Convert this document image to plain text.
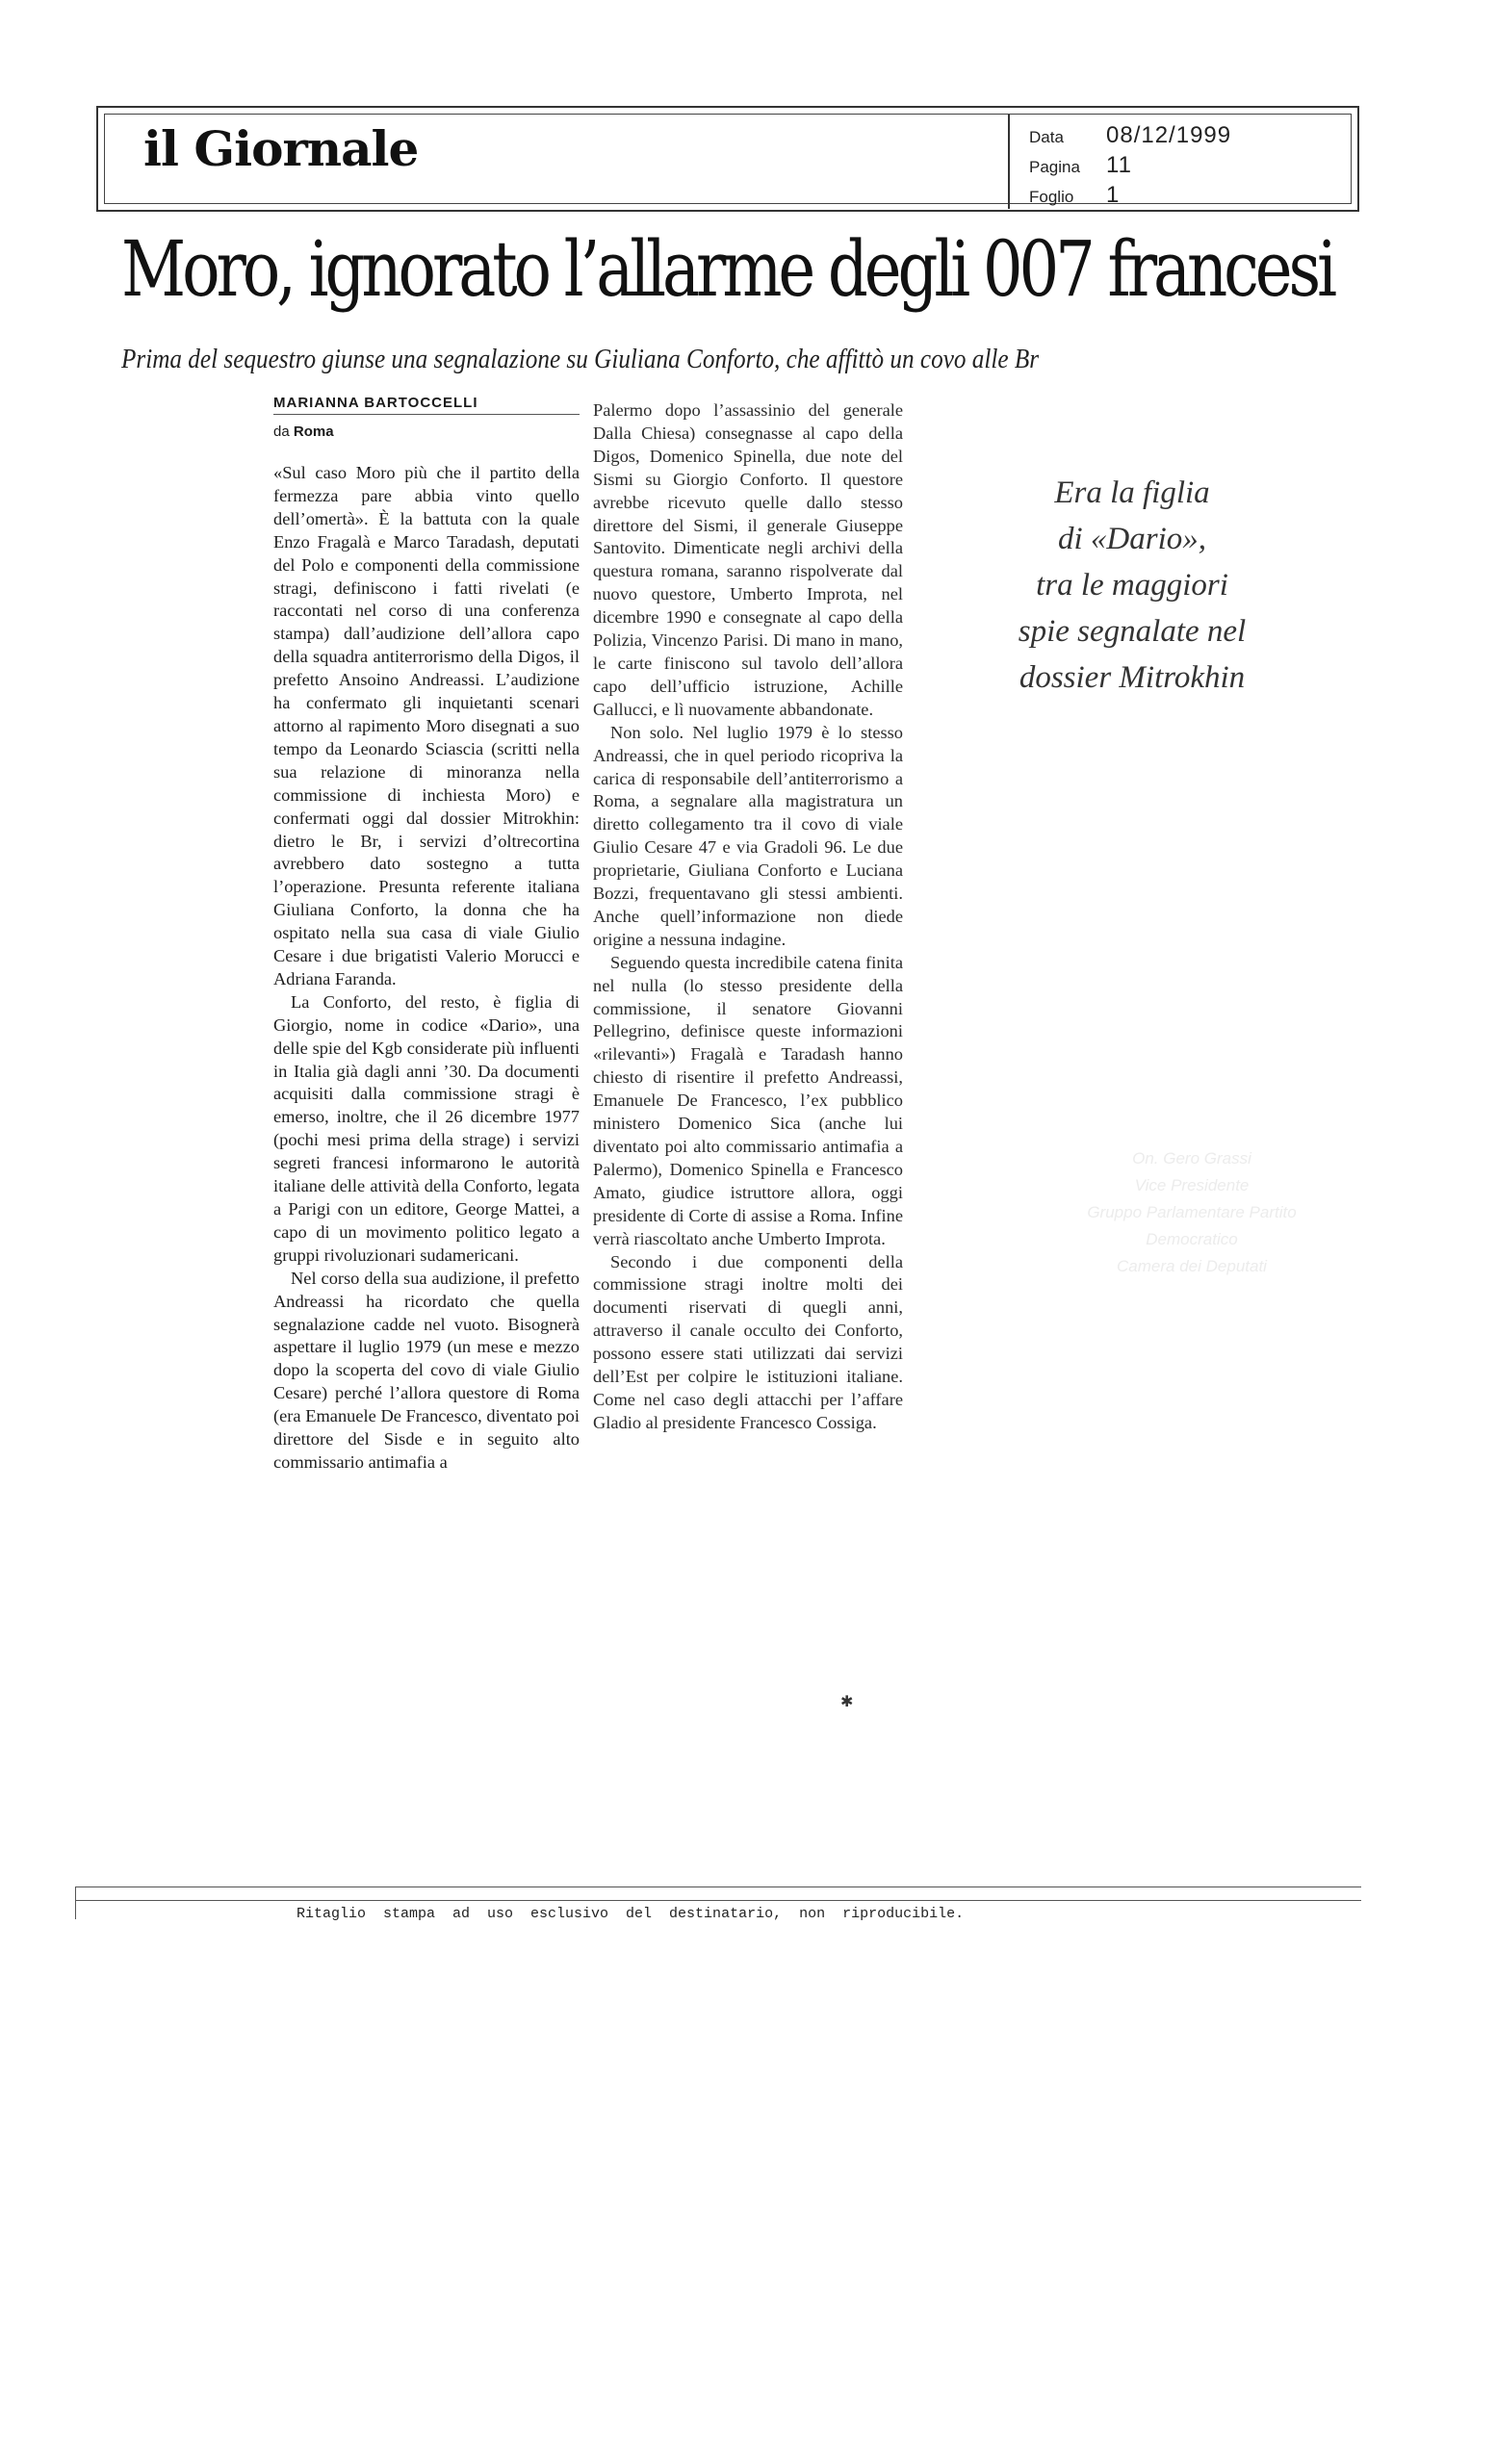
il Giornale	Data	08/12/1999
Pagina	11
Foglio	1
Moro, ignorato l’allarme degli 007 francesi
Prima del sequestro giunse una segnalazione su Giuliana Conforto, che affittò un covo alle Br
MARIANNA BARTOCCELLI
da Roma

«Sul caso Moro più che il partito della fermezza pare abbia vinto quello dell’omertà». È la battuta con la quale Enzo Fragalà e Marco Taradash, deputati del Polo e componenti della commissione stragi, definiscono i fatti rivelati (e raccontati nel corso di una conferenza stampa) dall’audizione dell’allora capo della squadra antiterrorismo della Digos, il prefetto Ansoino Andreassi. L’audizione ha confermato gli inquietanti scenari attorno al rapimento Moro disegnati a suo tempo da Leonardo Sciascia (scritti nella sua relazione di minoranza nella commissione di inchiesta Moro) e confermati oggi dal dossier Mitrokhin: dietro le Br, i servizi d’oltrecortina avrebbero dato sostegno a tutta l’operazione. Presunta referente italiana Giuliana Conforto, la donna che ha ospitato nella sua casa di viale Giulio Cesare i due brigatisti Valerio Morucci e Adriana Faranda.

La Conforto, del resto, è figlia di Giorgio, nome in codice «Dario», una delle spie del Kgb considerate più influenti in Italia già dagli anni ’30. Da documenti acquisiti dalla commissione stragi è emerso, inoltre, che il 26 dicembre 1977 (pochi mesi prima della strage) i servizi segreti francesi informarono le autorità italiane delle attività della Conforto, legata a Parigi con un editore, George Mattei, a capo di un movimento politico legato a gruppi rivoluzionari sudamericani.

Nel corso della sua audizione, il prefetto Andreassi ha ricordato che quella segnalazione cadde nel vuoto. Bisognerà aspettare il luglio 1979 (un mese e mezzo dopo la scoperta del covo di viale Giulio Cesare) perché l’allora questore di Roma (era Emanuele De Francesco, diventato poi direttore del Sisde e in seguito alto commissario antimafia a

Palermo dopo l’assassinio del generale Dalla Chiesa) consegnasse al capo della Digos, Domenico Spinella, due note del Sismi su Giorgio Conforto. Il questore avrebbe ricevuto quelle dallo stesso direttore del Sismi, il generale Giuseppe Santovito. Dimenticate negli archivi della questura romana, saranno rispolverate dal nuovo questore, Umberto Improta, nel dicembre 1990 e consegnate al capo della Polizia, Vincenzo Parisi. Di mano in mano, le carte finiscono sul tavolo dell’allora capo dell’ufficio istruzione, Achille Gallucci, e lì nuovamente abbandonate.

Non solo. Nel luglio 1979 è lo stesso Andreassi, che in quel periodo ricopriva la carica di responsabile dell’antiterrorismo a Roma, a segnalare alla magistratura un diretto collegamento tra il covo di viale Giulio Cesare 47 e via Gradoli 96. Le due proprietarie, Giuliana Conforto e Luciana Bozzi, frequentavano gli stessi ambienti. Anche quell’informazione non diede origine a nessuna indagine.

Seguendo questa incredibile catena finita nel nulla (lo stesso presidente della commissione, il senatore Giovanni Pellegrino, definisce queste informazioni «rilevanti») Fragalà e Taradash hanno chiesto di risentire il prefetto Andreassi, Emanuele De Francesco, l’ex pubblico ministero Domenico Sica (anche lui diventato poi alto commissario antimafia a Palermo), Domenico Spinella e Francesco Amato, giudice istruttore allora, oggi presidente di Corte di assise a Roma. Infine verrà riascoltato anche Umberto Improta.

Secondo i due componenti della commissione stragi inoltre molti dei documenti riservati di quegli anni, attraverso il canale occulto dei Conforto, possono essere stati utilizzati dai servizi dell’Est per colpire le istituzioni italiane. Come nel caso degli attacchi per l’affare Gladio al presidente Francesco Cossiga.

Era la figlia
di «Dario»,
tra le maggiori
spie segnalate nel
dossier Mitrokhin
On. Gero Grassi
Vice Presidente
Gruppo Parlamentare Partito Democratico
Camera dei Deputati
✱
Ritaglio stampa ad uso esclusivo del destinatario, non riproducibile.
